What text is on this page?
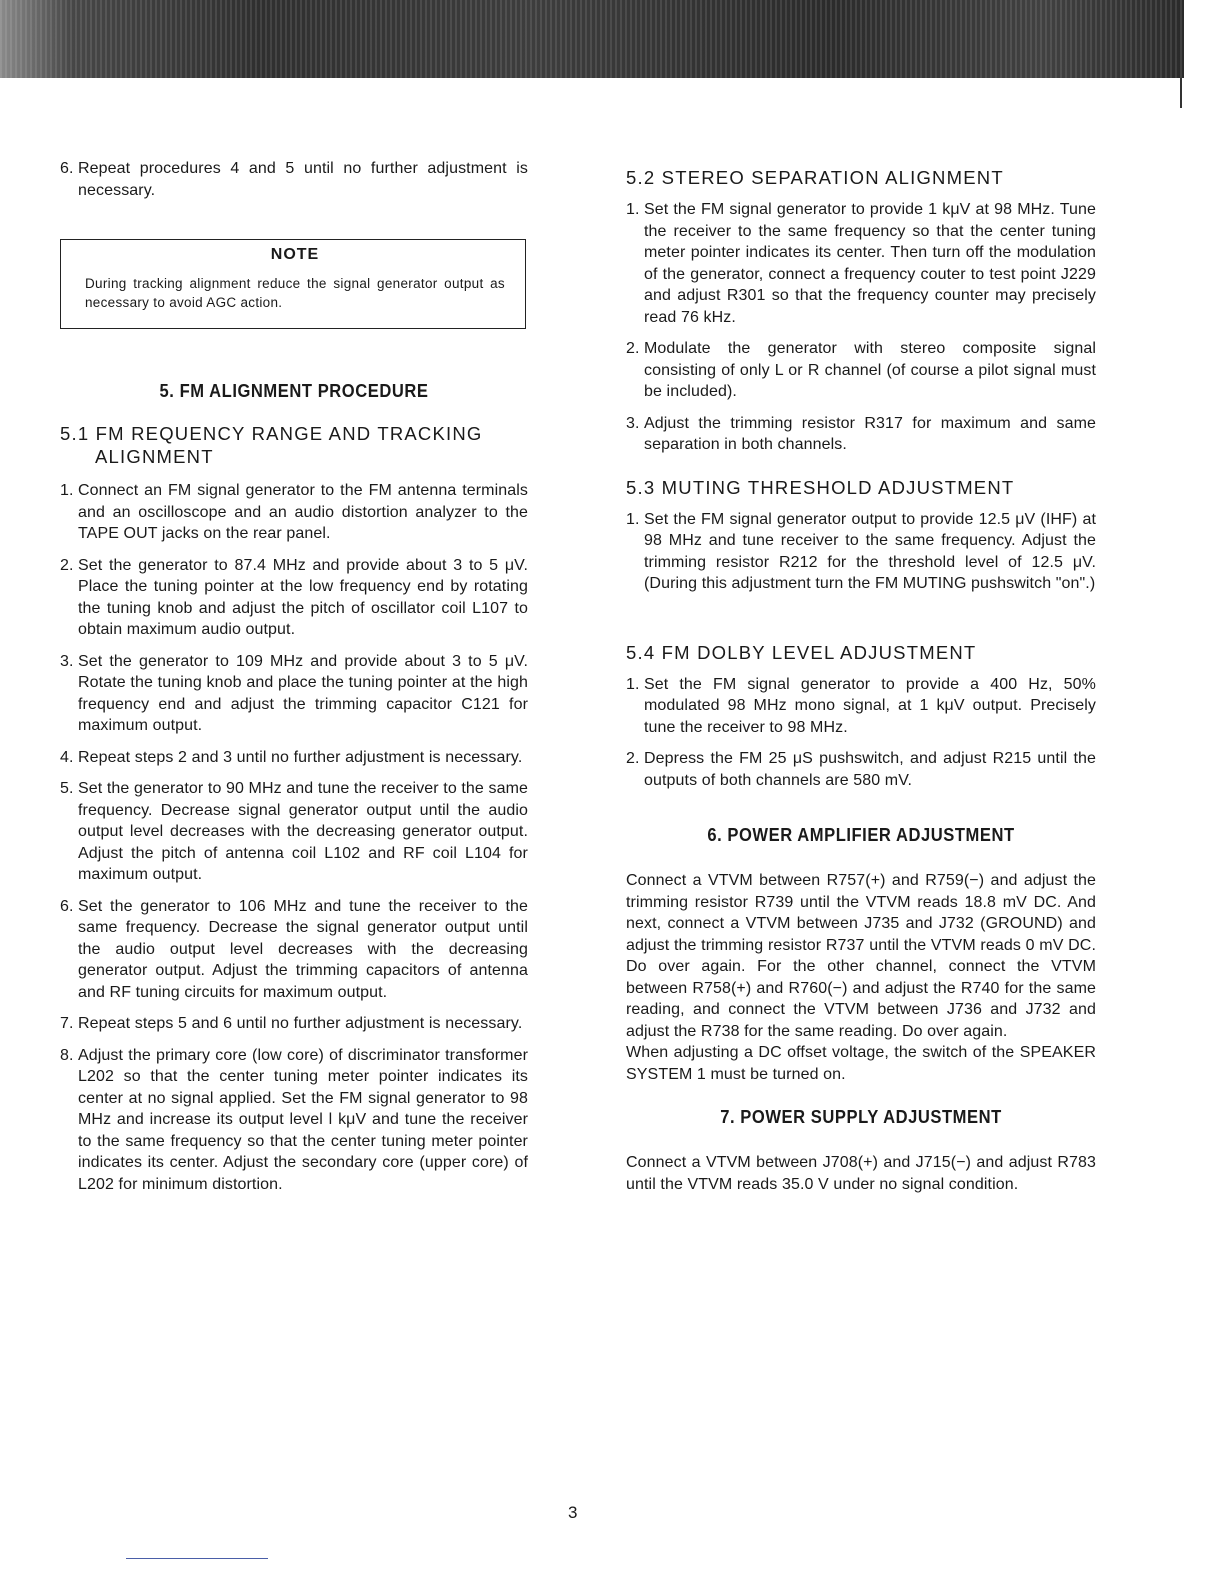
6. Repeat procedures 4 and 5 until no further adjustment is necessary.
NOTE
During tracking alignment reduce the signal generator output as necessary to avoid AGC action.
5. FM ALIGNMENT PROCEDURE
5.1 FM REQUENCY RANGE AND TRACKING
ALIGNMENT
1. Connect an FM signal generator to the FM antenna terminals and an oscilloscope and an audio distortion analyzer to the TAPE OUT jacks on the rear panel.
2. Set the generator to 87.4 MHz and provide about 3 to 5 μV. Place the tuning pointer at the low frequency end by rotating the tuning knob and adjust the pitch of oscillator coil L107 to obtain maximum audio output.
3. Set the generator to 109 MHz and provide about 3 to 5 μV. Rotate the tuning knob and place the tuning pointer at the high frequency end and adjust the trimming capacitor C121 for maximum output.
4. Repeat steps 2 and 3 until no further adjustment is necessary.
5. Set the generator to 90 MHz and tune the receiver to the same frequency. Decrease signal generator output until the audio output level decreases with the decreasing generator output. Adjust the pitch of antenna coil L102 and RF coil L104 for maximum output.
6. Set the generator to 106 MHz and tune the receiver to the same frequency. Decrease the signal generator output until the audio output level decreases with the decreasing generator output. Adjust the trimming capacitors of antenna and RF tuning circuits for maximum output.
7. Repeat steps 5 and 6 until no further adjustment is necessary.
8. Adjust the primary core (low core) of discriminator transformer L202 so that the center tuning meter pointer indicates its center at no signal applied. Set the FM signal generator to 98 MHz and increase its output level l kμV and tune the receiver to the same frequency so that the center tuning meter pointer indicates its center. Adjust the secondary core (upper core) of L202 for minimum distortion.
5.2 STEREO SEPARATION ALIGNMENT
1. Set the FM signal generator to provide 1 kμV at 98 MHz. Tune the receiver to the same frequency so that the center tuning meter pointer indicates its center. Then turn off the modulation of the generator, connect a frequency couter to test point J229 and adjust R301 so that the frequency counter may precisely read 76 kHz.
2. Modulate the generator with stereo composite signal consisting of only L or R channel (of course a pilot signal must be included).
3. Adjust the trimming resistor R317 for maximum and same separation in both channels.
5.3 MUTING THRESHOLD ADJUSTMENT
1. Set the FM signal generator output to provide 12.5 μV (IHF) at 98 MHz and tune receiver to the same frequency. Adjust the trimming resistor R212 for the threshold level of 12.5 μV. (During this adjustment turn the FM MUTING pushswitch "on".)
5.4 FM DOLBY LEVEL ADJUSTMENT
1. Set the FM signal generator to provide a 400 Hz, 50% modulated 98 MHz mono signal, at 1 kμV output. Precisely tune the receiver to 98 MHz.
2. Depress the FM 25 μS pushswitch, and adjust R215 until the outputs of both channels are 580 mV.
6. POWER AMPLIFIER ADJUSTMENT
Connect a VTVM between R757(+) and R759(−) and adjust the trimming resistor R739 until the VTVM reads 18.8 mV DC. And next, connect a VTVM between J735 and J732 (GROUND) and adjust the trimming resistor R737 until the VTVM reads 0 mV DC. Do over again. For the other channel, connect the VTVM between R758(+) and R760(−) and adjust the R740 for the same reading, and connect the VTVM between J736 and J732 and adjust the R738 for the same reading. Do over again.
When adjusting a DC offset voltage, the switch of the SPEAKER SYSTEM 1 must be turned on.
7. POWER SUPPLY ADJUSTMENT
Connect a VTVM between J708(+) and J715(−) and adjust R783 until the VTVM reads 35.0 V under no signal condition.
3
